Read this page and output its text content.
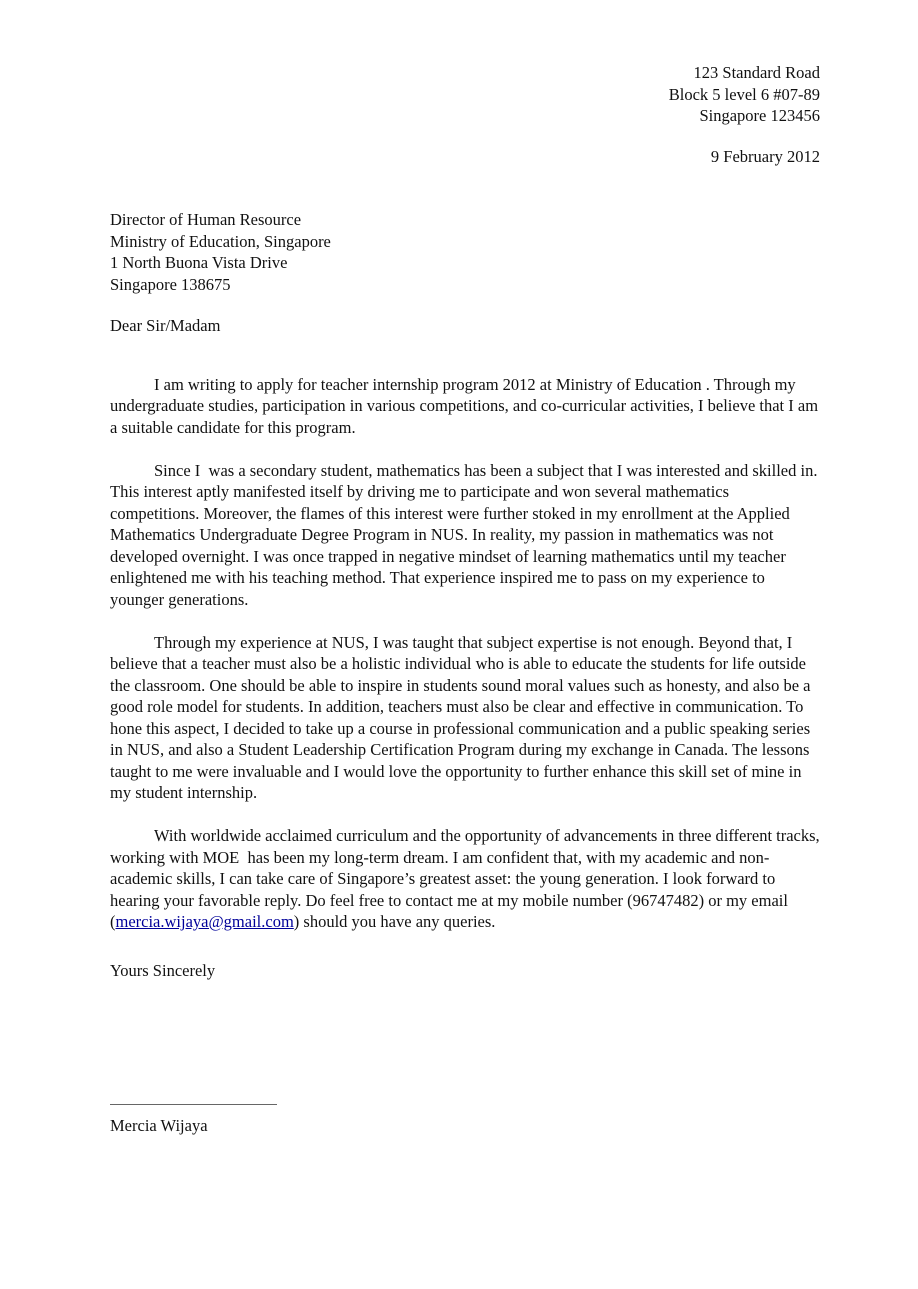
123 Standard Road
Block 5 level 6 #07-89
Singapore 123456
9 February 2012
Director of Human Resource
Ministry of Education, Singapore
1 North Buona Vista Drive
Singapore 138675
Dear Sir/Madam

I am writing to apply for teacher internship program 2012 at Ministry of Education . Through my undergraduate studies, participation in various competitions, and co-curricular activities, I believe that I am a suitable candidate for this program.

Since I  was a secondary student, mathematics has been a subject that I was interested and skilled in. This interest aptly manifested itself by driving me to participate and won several mathematics competitions. Moreover, the flames of this interest were further stoked in my enrollment at the Applied Mathematics Undergraduate Degree Program in NUS. In reality, my passion in mathematics was not developed overnight. I was once trapped in negative mindset of learning mathematics until my teacher enlightened me with his teaching method. That experience inspired me to pass on my experience to younger generations.

Through my experience at NUS, I was taught that subject expertise is not enough. Beyond that, I believe that a teacher must also be a holistic individual who is able to educate the students for life outside the classroom. One should be able to inspire in students sound moral values such as honesty, and also be a good role model for students. In addition, teachers must also be clear and effective in communication. To hone this aspect, I decided to take up a course in professional communication and a public speaking series in NUS, and also a Student Leadership Certification Program during my exchange in Canada. The lessons taught to me were invaluable and I would love the opportunity to further enhance this skill set of mine in my student internship.

With worldwide acclaimed curriculum and the opportunity of advancements in three different tracks, working with MOE  has been my long-term dream. I am confident that, with my academic and non-academic skills, I can take care of Singapore’s greatest asset: the young generation. I look forward to hearing your favorable reply. Do feel free to contact me at my mobile number (96747482) or my email (mercia.wijaya@gmail.com) should you have any queries.

Yours Sincerely
Mercia Wijaya
